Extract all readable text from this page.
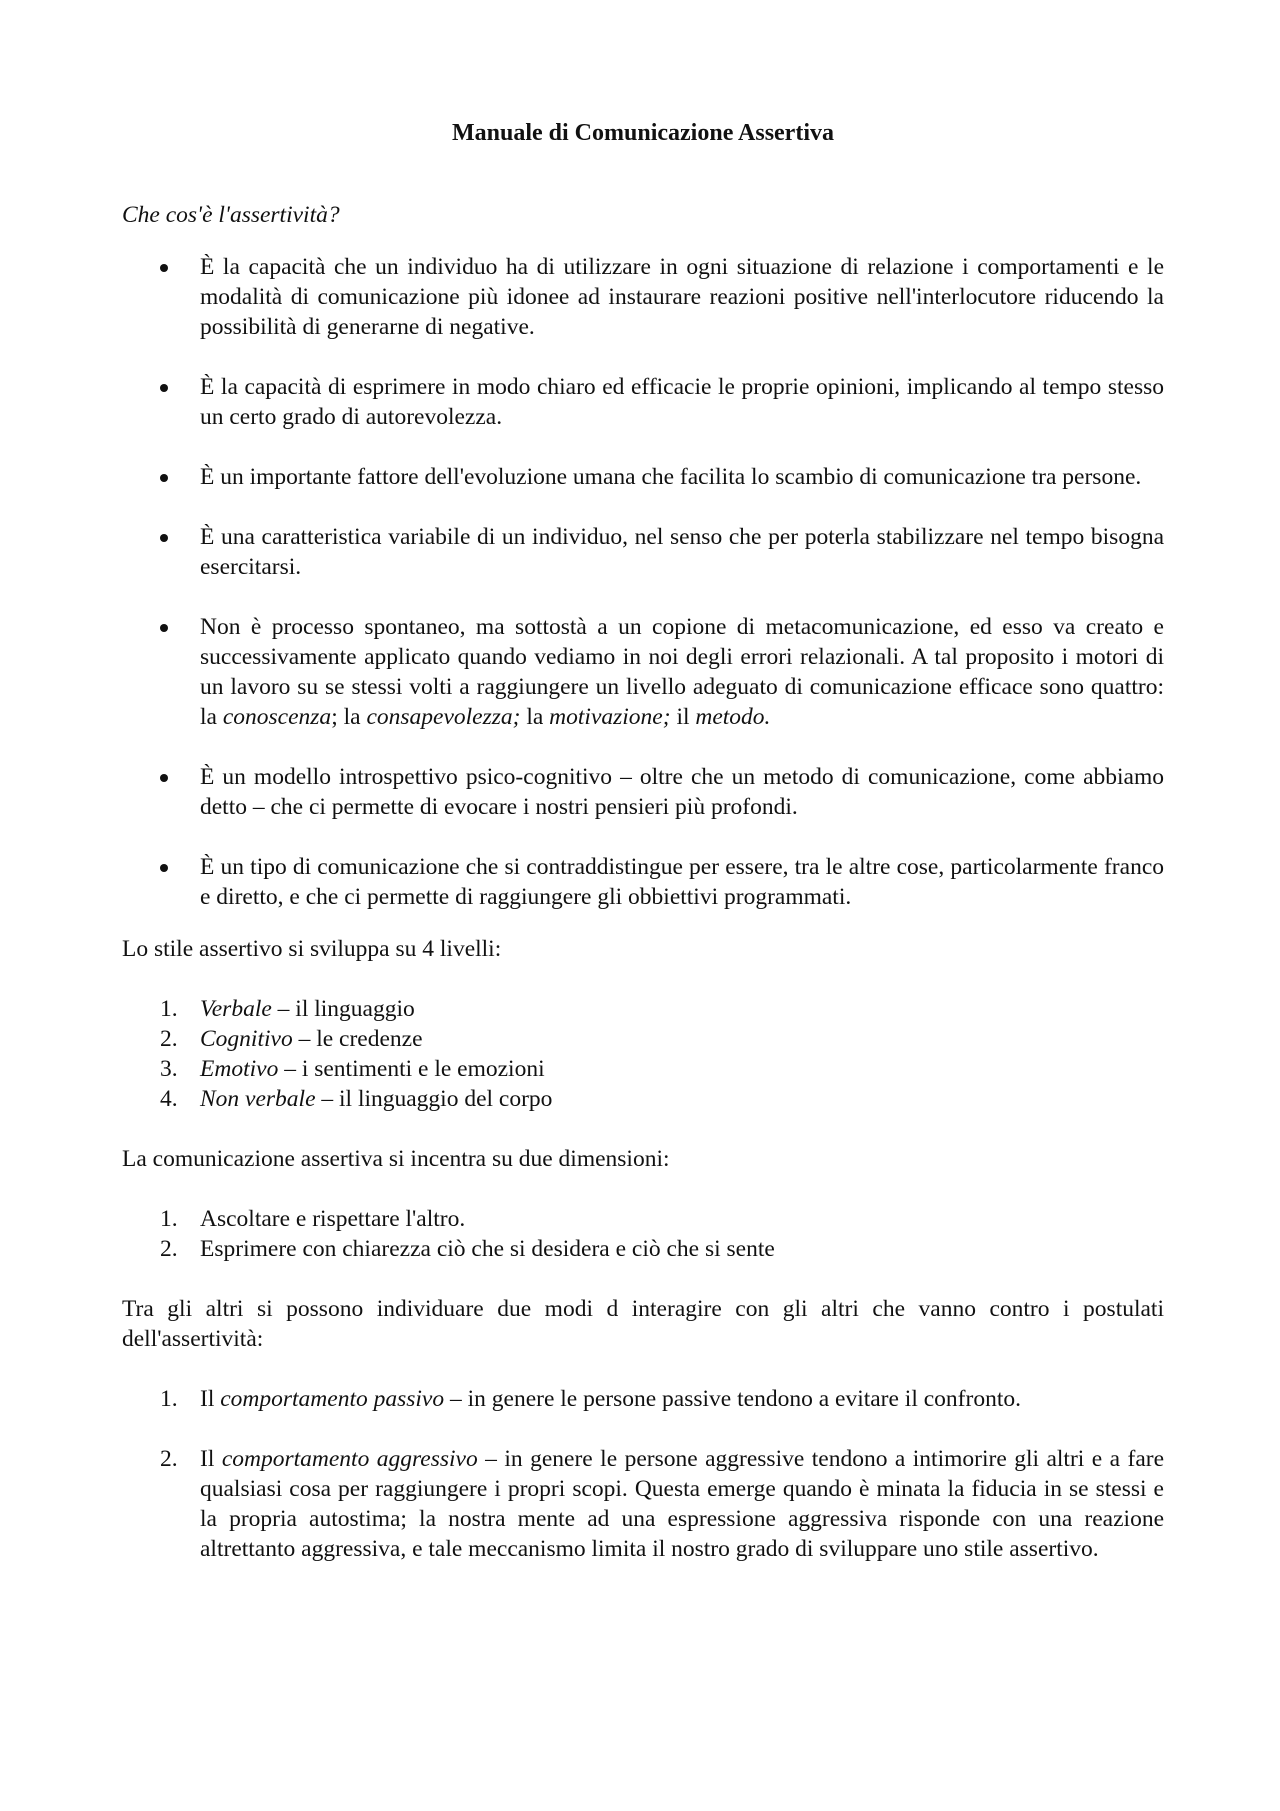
Manuale di Comunicazione Assertiva
Che cos'è l'assertività?
È la capacità che un individuo ha di utilizzare in ogni situazione di relazione i comportamenti e le modalità di comunicazione più idonee ad instaurare reazioni positive nell'interlocutore riducendo la possibilità di generarne di negative.
È la capacità di esprimere in modo chiaro ed efficacie le proprie opinioni, implicando al tempo stesso un certo grado di autorevolezza.
È un importante fattore dell'evoluzione umana che facilita lo scambio di comunicazione tra persone.
È una caratteristica variabile di un individuo, nel senso che per poterla stabilizzare nel tempo bisogna esercitarsi.
Non è processo spontaneo, ma sottostà a un copione di metacomunicazione, ed esso va creato e successivamente applicato quando vediamo in noi degli errori relazionali. A tal proposito i motori di un lavoro su se stessi volti a raggiungere un livello adeguato di comunicazione efficace sono quattro: la conoscenza; la consapevolezza; la motivazione; il metodo.
È un modello introspettivo psico-cognitivo – oltre che un metodo di comunicazione, come abbiamo detto – che ci permette di evocare i nostri pensieri più profondi.
È un tipo di comunicazione che si contraddistingue per essere, tra le altre cose, particolarmente franco e diretto, e che ci permette di raggiungere gli obbiettivi programmati.
Lo stile assertivo si sviluppa su 4 livelli:
1. Verbale – il linguaggio
2. Cognitivo – le credenze
3. Emotivo – i sentimenti e le emozioni
4. Non verbale – il linguaggio del corpo
La comunicazione assertiva si incentra su due dimensioni:
1. Ascoltare e rispettare l'altro.
2. Esprimere con chiarezza ciò che si desidera e ciò che si sente
Tra gli altri si possono individuare due modi d interagire con gli altri che vanno contro i postulati dell'assertività:
1. Il comportamento passivo – in genere le persone passive tendono a evitare il confronto.
2. Il comportamento aggressivo – in genere le persone aggressive tendono a intimorire gli altri e a fare qualsiasi cosa per raggiungere i propri scopi. Questa emerge quando è minata la fiducia in se stessi e la propria autostima; la nostra mente ad una espressione aggressiva risponde con una reazione altrettanto aggressiva, e tale meccanismo limita il nostro grado di sviluppare uno stile assertivo.
